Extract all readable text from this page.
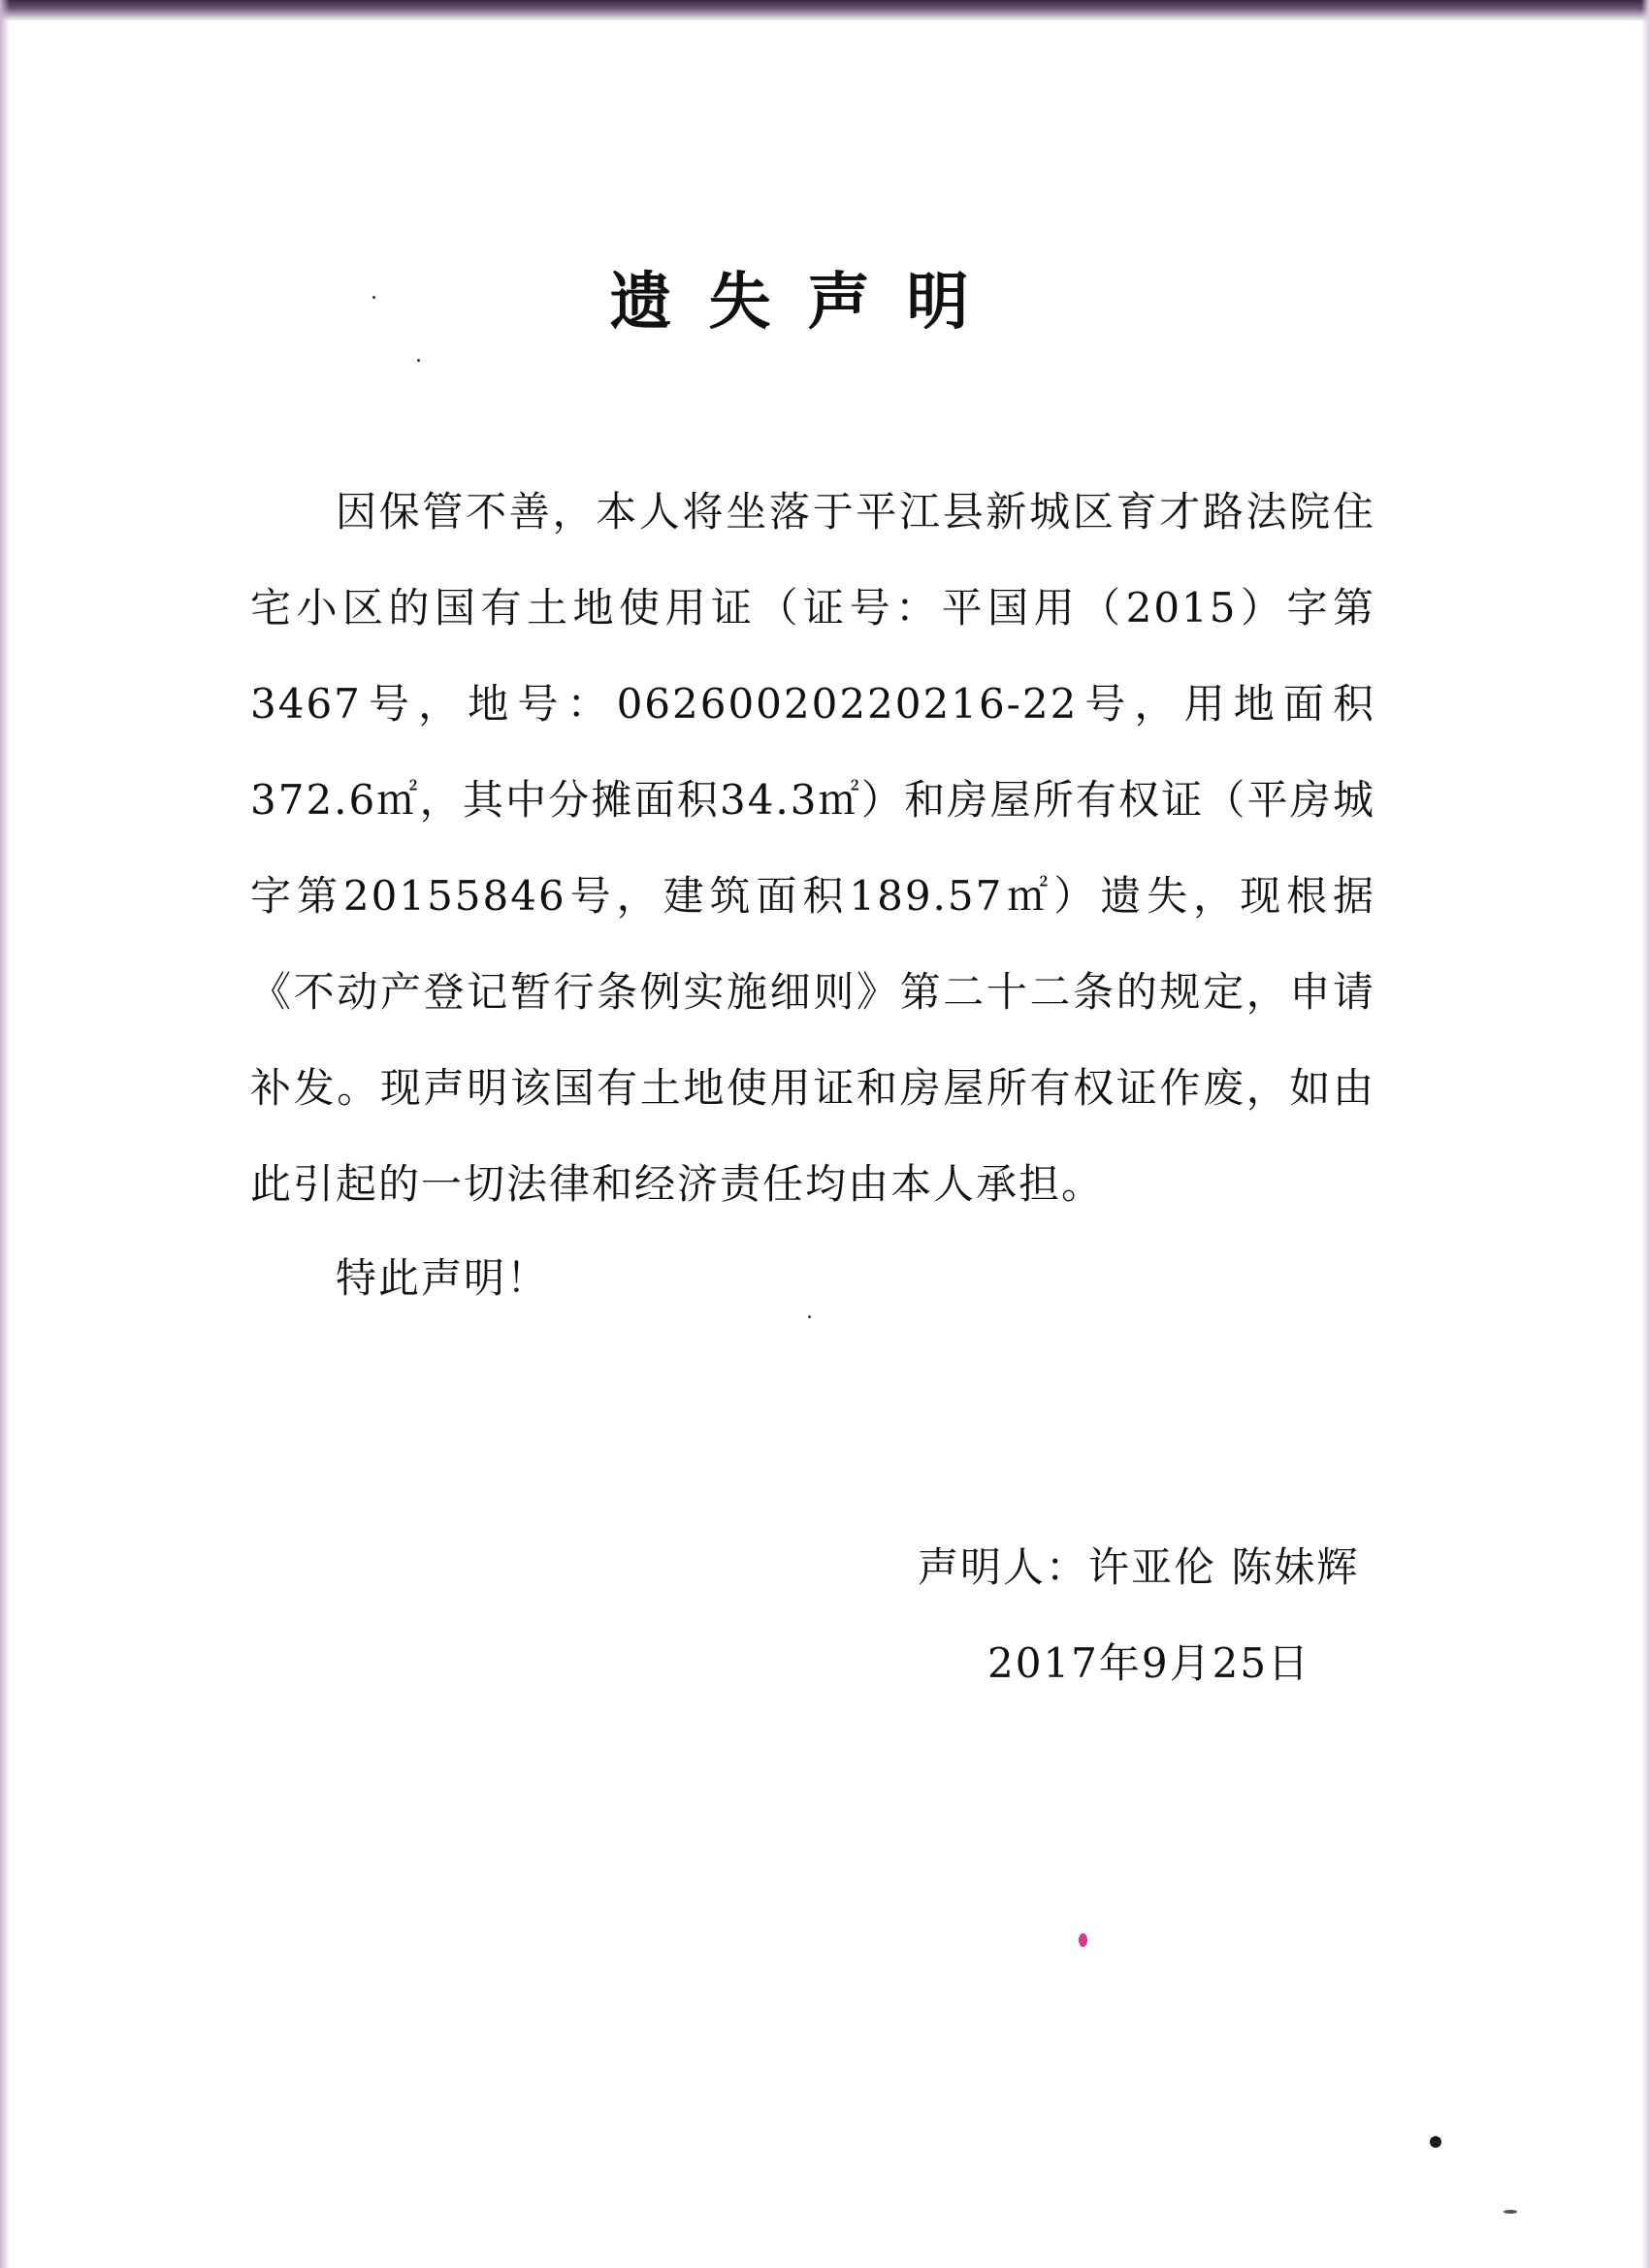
遗失声明

因保管不善，本人将坐落于平江县新城区育才路法院住宅小区的国有土地使用证（证号：平国用（2015）字第3467号，地号：06260020220216-22号，用地面积372.6㎡，其中分摊面积34.3㎡）和房屋所有权证（平房城字第20155846号，建筑面积189.57㎡）遗失，现根据《不动产登记暂行条例实施细则》第二十二条的规定，申请补发。现声明该国有土地使用证和房屋所有权证作废，如由此引起的一切法律和经济责任均由本人承担。

特此声明！
声明人：许亚伦 陈妹辉
2017年9月25日
